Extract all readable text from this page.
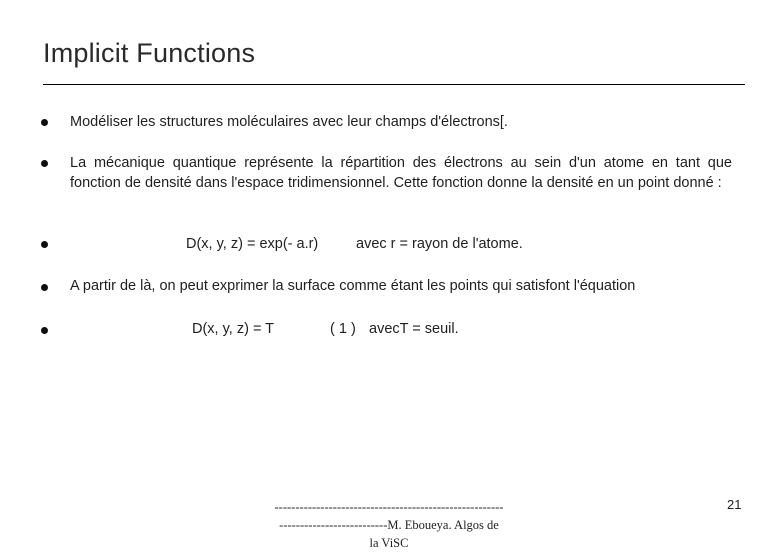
Implicit Functions
Modéliser les structures moléculaires avec leur champs d'électrons[.
La mécanique quantique représente la répartition des électrons au sein d'un atome en tant que fonction de densité dans l'espace tridimensionnel. Cette fonction donne la densité en un point donné :
D(x, y, z) = exp(- a.r)	avec r = rayon de l'atome.
A partir de là, on peut exprimer la surface comme étant les points qui satisfont l'équation
D(x, y, z) = T	( 1 ) avecT = seuil.
-------------------------------------------------------
--------------------------M. Eboueya. Algos de
la ViSC
21
